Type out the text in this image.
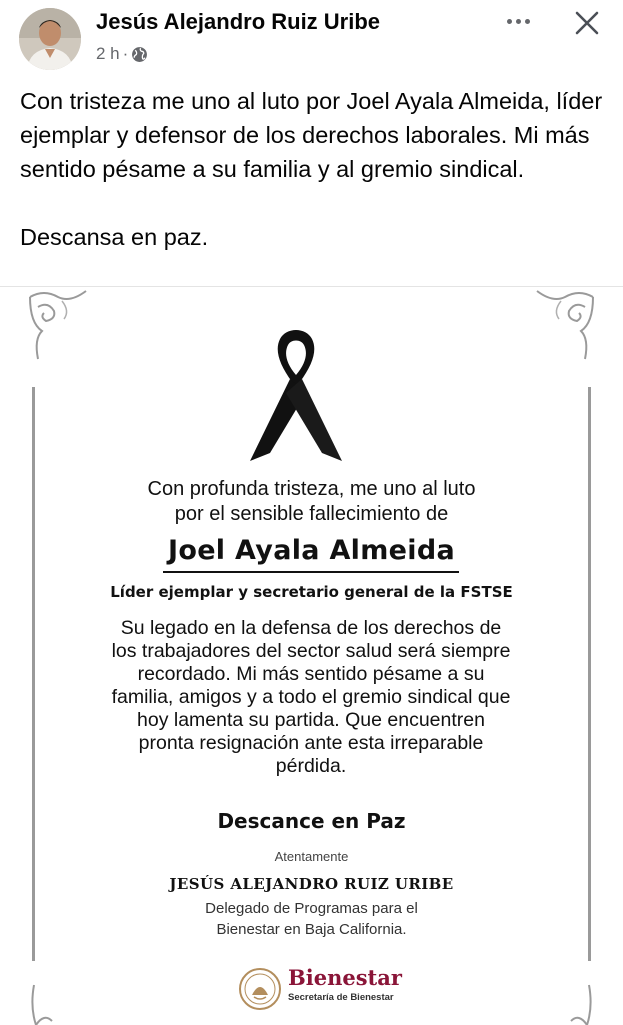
Jesús Alejandro Ruiz Uribe
2 h ·

Con tristeza me uno al luto por Joel Ayala Almeida, líder ejemplar y defensor de los derechos laborales. Mi más sentido pésame a su familia y al gremio sindical.

Descansa en paz.

Con profunda tristeza, me uno al luto
por el sensible fallecimiento de
Joel Ayala Almeida
Líder ejemplar y secretario general de la FSTSE
Su legado en la defensa de los derechos de los trabajadores del sector salud será siempre recordado. Mi más sentido pésame a su familia, amigos y a todo el gremio sindical que hoy lamenta su partida. Que encuentren pronta resignación ante esta irreparable pérdida.
Descance en Paz
Atentamente
JESÚS ALEJANDRO RUIZ URIBE
Delegado de Programas para el
Bienestar en Baja California.
Bienestar
Secretaría de Bienestar
